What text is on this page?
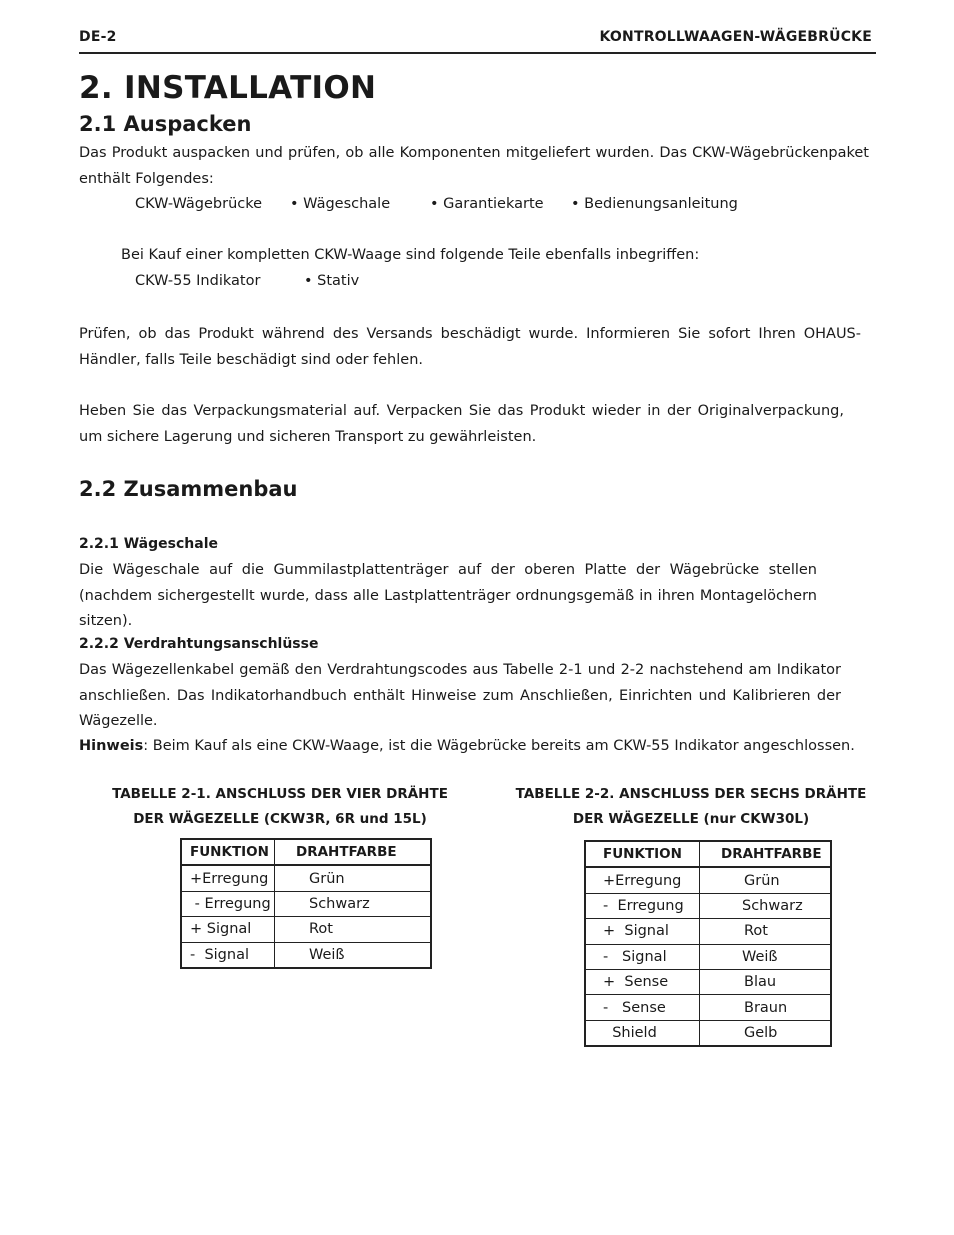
DE-2	KONTROLLWAAGEN-WÄGEBRÜCKE
2. INSTALLATION
2.1 Auspacken
Das Produkt auspacken und prüfen, ob alle Komponenten mitgeliefert wurden. Das CKW-Wägebrückenpaket enthält Folgendes:
CKW-Wägebrücke • Wägeschale	• Garantiekarte • Bedienungsanleitung
Bei Kauf einer kompletten CKW-Waage sind folgende Teile ebenfalls inbegriffen:
CKW-55 Indikator	• Stativ
Prüfen, ob das Produkt während des Versands beschädigt wurde. Informieren Sie sofort Ihren OHAUS-Händler, falls Teile beschädigt sind oder fehlen.
Heben Sie das Verpackungsmaterial auf. Verpacken Sie das Produkt wieder in der Originalverpackung, um sichere Lagerung und sicheren Transport zu gewährleisten.
2.2 Zusammenbau
2.2.1 Wägeschale
Die Wägeschale auf die Gummilastplattenträger auf der oberen Platte der Wägebrücke stellen (nachdem sichergestellt wurde, dass alle Lastplattenträger ordnungsgemäß in ihren Montagelöchern sitzen).
2.2.2 Verdrahtungsanschlüsse
Das Wägezellenkabel gemäß den Verdrahtungscodes aus Tabelle 2-1 und 2-2 nachstehend am Indikator anschließen. Das Indikatorhandbuch enthält Hinweise zum Anschließen, Einrichten und Kalibrieren der Wägezelle.
Hinweis: Beim Kauf als eine CKW-Waage, ist die Wägebrücke bereits am CKW-55 Indikator angeschlossen.
TABELLE 2-1. ANSCHLUSS DER VIER DRÄHTE
DER WÄGEZELLE (CKW3R, 6R und 15L)
FUNKTION	DRAHTFARBE
+Erregung	Grün
- Erregung	Schwarz
+ Signal	Rot
-  Signal	Weiß
TABELLE 2-2. ANSCHLUSS DER SECHS DRÄHTE
DER WÄGEZELLE (nur CKW30L)
FUNKTION	DRAHTFARBE
+Erregung	Grün
-  Erregung	Schwarz
+  Signal	Rot
-   Signal	Weiß
+  Sense	Blau
-   Sense	Braun
Shield	Gelb
